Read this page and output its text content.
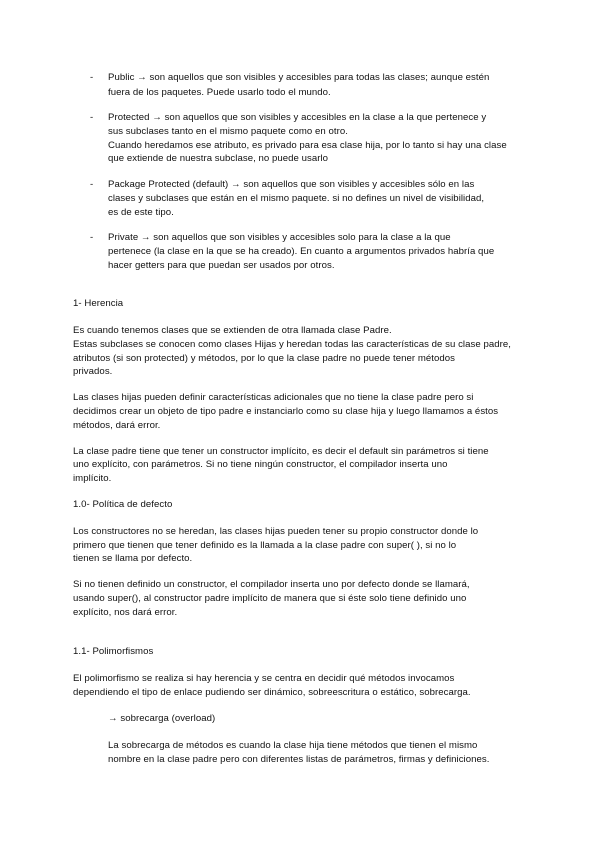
- Public → son aquellos que son visibles y accesibles para todas las clases; aunque estén
fuera de los paquetes. Puede usarlo todo el mundo.
- Protected → son aquellos que son visibles y accesibles en la clase a la que pertenece y
sus subclases tanto en el mismo paquete como en otro.
Cuando heredamos ese atributo, es privado para esa clase hija, por lo tanto si hay una clase
que extiende de nuestra subclase, no puede usarlo
- Package Protected (default) → son aquellos que son visibles y accesibles sólo en las
clases y subclases que están en el mismo paquete. si no defines un nivel de visibilidad,
es de este tipo.
- Private → son aquellos que son visibles y accesibles solo para la clase a la que
pertenece (la clase en la que se ha creado). En cuanto a argumentos privados habría que
hacer getters para que puedan ser usados por otros.
1- Herencia
Es cuando tenemos clases que se extienden de otra llamada clase Padre.
Estas subclases se conocen como clases Hijas y heredan todas las características de su clase padre,
atributos (si son protected) y métodos, por lo que la clase padre no puede tener métodos
privados.
Las clases hijas pueden definir características adicionales que no tiene la clase padre pero si
decidimos crear un objeto de tipo padre e instanciarlo como su clase hija y luego llamamos a éstos
métodos, dará error.
La clase padre tiene que tener un constructor implícito, es decir el default sin parámetros si tiene
uno explícito, con parámetros. Si no tiene ningún constructor, el compilador inserta uno
implícito.
1.0- Política de defecto
Los constructores no se heredan, las clases hijas pueden tener su propio constructor donde lo
primero que tienen que tener definido es la llamada a la clase padre con super( ), si no lo
tienen se llama por defecto.
Si no tienen definido un constructor, el compilador inserta uno por defecto donde se llamará,
usando super(), al constructor padre implícito de manera que si éste solo tiene definido uno
explícito, nos dará error.
1.1- Polimorfismos
El polimorfismo se realiza si hay herencia y se centra en decidir qué métodos invocamos
dependiendo el tipo de enlace pudiendo ser dinámico, sobreescritura o estático, sobrecarga.
→ sobrecarga (overload)
La sobrecarga de métodos es cuando la clase hija tiene métodos que tienen el mismo
nombre en la clase padre pero con diferentes listas de parámetros, firmas y definiciones.
